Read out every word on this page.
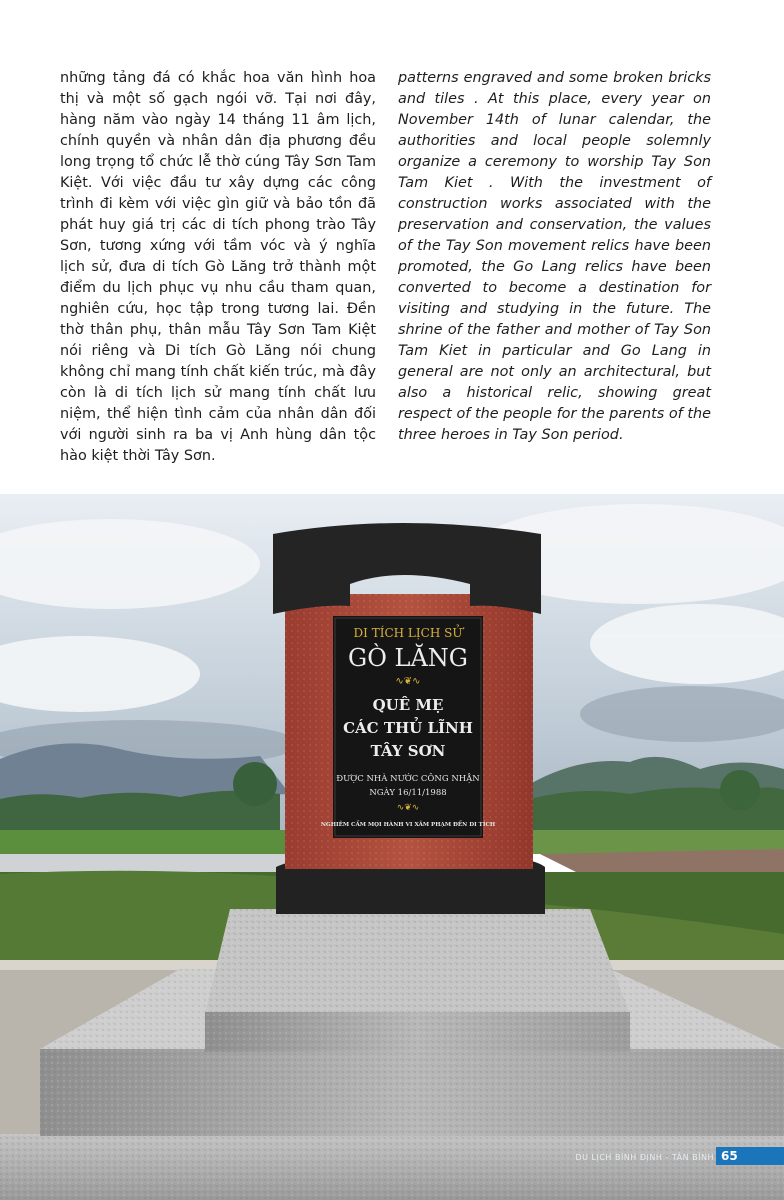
những tảng đá có khắc hoa văn hình hoa thị và một số gạch ngói vỡ. Tại nơi đây, hàng năm vào ngày 14 tháng 11 âm lịch, chính quyền và nhân dân địa phương đều long trọng tổ chức lễ thờ cúng Tây Sơn Tam Kiệt. Với việc đầu tư xây dựng các công trình đi kèm với việc gìn giữ và bảo tồn đã phát huy giá trị các di tích phong trào Tây Sơn, tương xứng với tầm vóc và ý nghĩa lịch sử, đưa di tích Gò Lăng trở thành một điểm du lịch phục vụ nhu cầu tham quan, nghiên cứu, học tập trong tương lai. Đền thờ thân phụ, thân mẫu Tây Sơn Tam Kiệt nói riêng và Di tích Gò Lăng nói chung không chỉ mang tính chất kiến trúc, mà đây còn là di tích lịch sử mang tính chất lưu niệm, thể hiện tình cảm của nhân dân đối với người sinh ra ba vị Anh hùng dân tộc hào kiệt thời Tây Sơn.
patterns engraved and some broken bricks and tiles . At this place, every year on November 14th of lunar calendar, the authorities and local people solemnly organize a ceremony to worship Tay Son Tam Kiet . With the investment of construction works associated with the preservation and conservation, the values of the Tay Son movement relics have been promoted, the Go Lang relics have been converted to become a destination for visiting and studying in the future. The shrine of the father and mother of Tay Son Tam Kiet in particular and Go Lang in general are not only an architectural, but also a historical relic, showing great respect of the people for the parents of the three heroes in Tay Son period.
DI TÍCH LỊCH SỬ
GÒ LĂNG
∿❦∿
QUÊ MẸ
CÁC THỦ LĨNH
TÂY SƠN
ĐƯỢC NHÀ NƯỚC CÔNG NHẬN
NGÀY 16/11/1988
∿❦∿
NGHIÊM CẤM MỌI HÀNH VI XÂM PHẠM ĐẾN DI TÍCH
DU LỊCH BÌNH ĐỊNH - TÂN BÌNH 65
